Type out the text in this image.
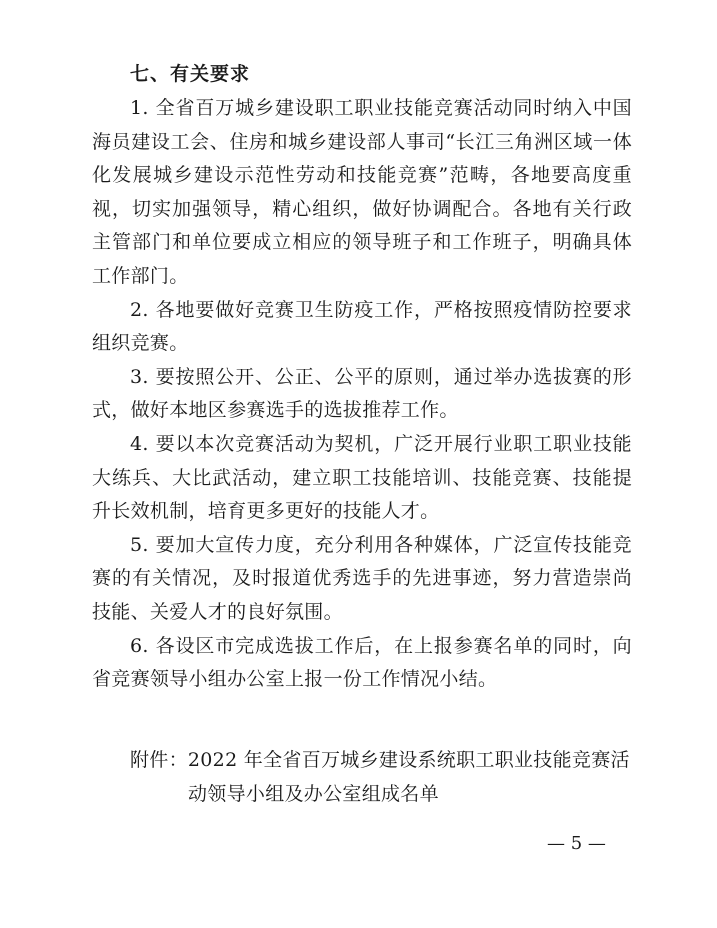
七、有关要求

1. 全省百万城乡建设职工职业技能竞赛活动同时纳入中国海员建设工会、住房和城乡建设部人事司“长江三角洲区域一体化发展城乡建设示范性劳动和技能竞赛”范畴，各地要高度重视，切实加强领导，精心组织，做好协调配合。各地有关行政主管部门和单位要成立相应的领导班子和工作班子，明确具体工作部门。

2. 各地要做好竞赛卫生防疫工作，严格按照疫情防控要求组织竞赛。

3. 要按照公开、公正、公平的原则，通过举办选拔赛的形式，做好本地区参赛选手的选拔推荐工作。

4. 要以本次竞赛活动为契机，广泛开展行业职工职业技能大练兵、大比武活动，建立职工技能培训、技能竞赛、技能提升长效机制，培育更多更好的技能人才。

5. 要加大宣传力度，充分利用各种媒体，广泛宣传技能竞赛的有关情况，及时报道优秀选手的先进事迹，努力营造崇尚技能、关爱人才的良好氛围。

6. 各设区市完成选拔工作后，在上报参赛名单的同时，向省竞赛领导小组办公室上报一份工作情况小结。

附件：2022 年全省百万城乡建设系统职工职业技能竞赛活
动领导小组及办公室组成名单
— 5 —
